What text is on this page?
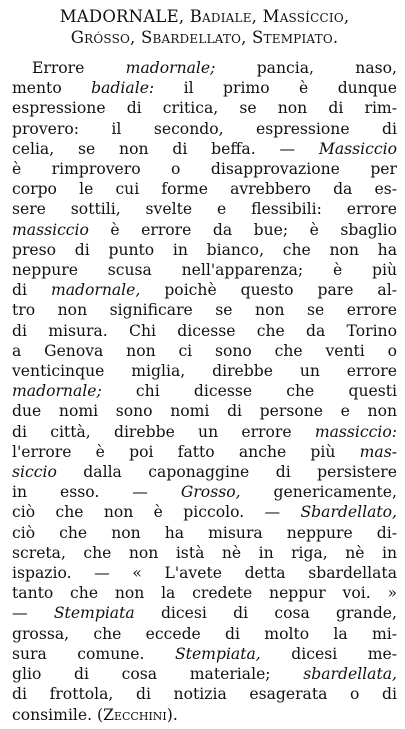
MADORNALE, Badiale, Massíccio,
Grósso, Sbardellato, Stempiato.
Errore madornale; pancia, naso,
mento badiale: il primo è dunque
espressione di critica, se non di rim-
provero: il secondo, espressione di
celia, se non di beffa. — Massiccio
è rimprovero o disapprovazione per
corpo le cui forme avrebbero da es-
sere sottili, svelte e flessibili: errore
massiccio è errore da bue; è sbaglio
preso di punto in bianco, che non ha
neppure scusa nell'apparenza; è più
di madornale, poichè questo pare al-
tro non significare se non se errore
di misura. Chi dicesse che da Torino
a Genova non ci sono che venti o
venticinque miglia, direbbe un errore
madornale; chi dicesse che questi
due nomi sono nomi di persone e non
di città, direbbe un errore massiccio:
l'errore è poi fatto anche più mas-
siccio dalla caponaggine di persistere
in esso. — Grosso, genericamente,
ciò che non è piccolo. — Sbardellato,
ciò che non ha misura neppure di-
screta, che non istà nè in riga, nè in
ispazio. — « L'avete detta sbardellata
tanto che non la credete neppur voi. »
— Stempiata dicesi di cosa grande,
grossa, che eccede di molto la mi-
sura comune. Stempiata, dicesi me-
glio di cosa materiale; sbardellata,
di frottola, di notizia esagerata o di
consimile. (Zecchini).
